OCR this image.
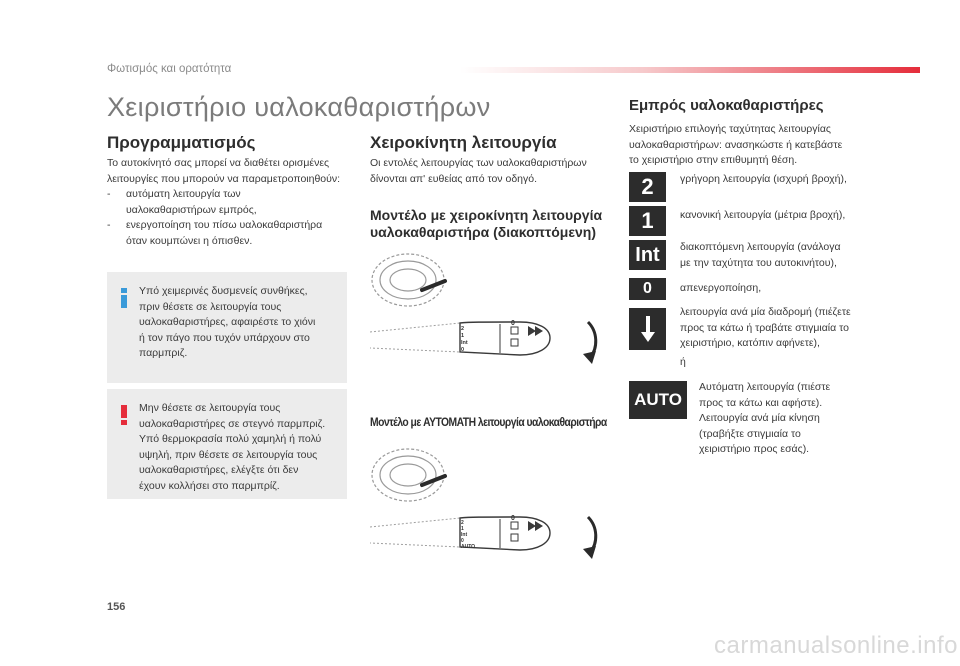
Φωτισμός και ορατότητα
Χειριστήριο υαλοκαθαριστήρων
Προγραμματισμός
Το αυτοκίνητό σας μπορεί να διαθέτει ορισμένες
λειτουργίες που μπορούν να παραμετροποιηθούν:
- αυτόματη λειτουργία των
υαλοκαθαριστήρων εμπρός,
- ενεργοποίηση του πίσω υαλοκαθαριστήρα
όταν κουμπώνει η όπισθεν.
Υπό χειμερινές δυσμενείς συνθήκες,
πριν θέσετε σε λειτουργία τους
υαλοκαθαριστήρες, αφαιρέστε το χιόνι
ή τον πάγο που τυχόν υπάρχουν στο
παρμπριζ.
Μην θέσετε σε λειτουργία τους
υαλοκαθαριστήρες σε στεγνό παρμπριζ.
Υπό θερμοκρασία πολύ χαμηλή ή πολύ
υψηλή, πριν θέσετε σε λειτουργία τους
υαλοκαθαριστήρες, ελέγξτε ότι δεν
έχουν κολλήσει στο παρμπρίζ.
Χειροκίνητη λειτουργία
Οι εντολές λειτουργίας των υαλοκαθαριστήρων
δίνονται απ' ευθείας από τον οδηγό.
Μοντέλο με χειροκίνητη λειτουργία
υαλοκαθαριστήρα (διακοπτόμενη)
2
1
Int
0
0
Μοντέλο με AYTOMATH λειτουργία υαλοκαθαριστήρα
2
1
Int
0
AUTO
0
Εμπρός υαλοκαθαριστήρες
Χειριστήριο επιλογής ταχύτητας λειτουργίας
υαλοκαθαριστήρων: ανασηκώστε ή κατεβάστε
το χειριστήριο στην επιθυμητή θέση.
2	γρήγορη λειτουργία (ισχυρή βροχή),
1	κανονική λειτουργία (μέτρια βροχή),
Int	διακοπτόμενη λειτουργία (ανάλογα
με την ταχύτητα του αυτοκινήτου),
0	απενεργοποίηση,
λειτουργία ανά μία διαδρομή (πιέζετε
προς τα κάτω ή τραβάτε στιγμιαία το
χειριστήριο, κατόπιν αφήνετε),
ή
AUTO
Αυτόματη λειτουργία (πιέστε
προς τα κάτω και αφήστε).
Λειτουργία ανά μία κίνηση
(τραβήξτε στιγμιαία το
χειριστήριο προς εσάς).
156
carmanualsonline.info
